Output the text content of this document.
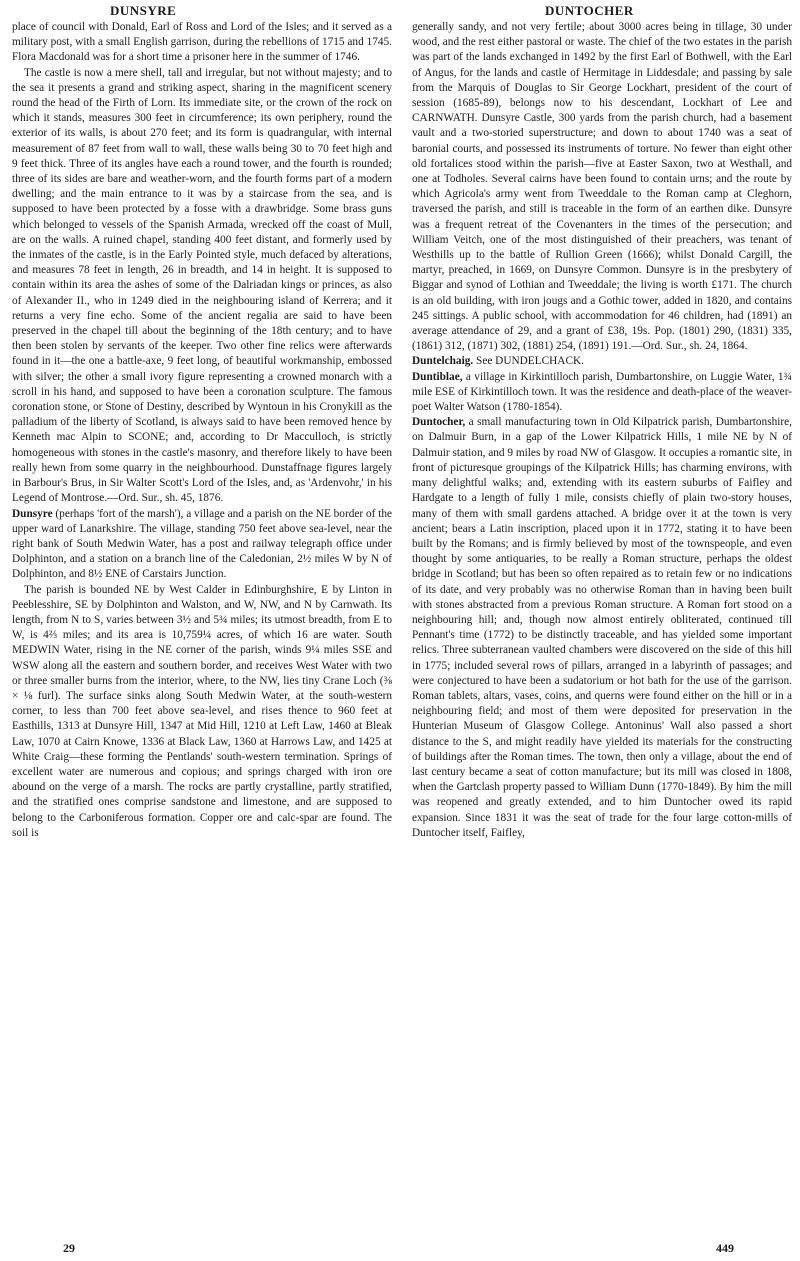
DUNSYRE	DUNTOCHER

place of council with Donald, Earl of Ross and Lord of the Isles; and it served as a military post, with a small English garrison, during the rebellions of 1715 and 1745. Flora Macdonald was for a short time a prisoner here in the summer of 1746.

The castle is now a mere shell, tall and irregular, but not without majesty; and to the sea it presents a grand and striking aspect, sharing in the magnificent scenery round the head of the Firth of Lorn. Its immediate site, or the crown of the rock on which it stands, measures 300 feet in circumference; its own periphery, round the exterior of its walls, is about 270 feet; and its form is quadrangular, with internal measurement of 87 feet from wall to wall, these walls being 30 to 70 feet high and 9 feet thick. Three of its angles have each a round tower, and the fourth is rounded; three of its sides are bare and weather-worn, and the fourth forms part of a modern dwelling; and the main entrance to it was by a staircase from the sea, and is supposed to have been protected by a fosse with a drawbridge. Some brass guns which belonged to vessels of the Spanish Armada, wrecked off the coast of Mull, are on the walls. A ruined chapel, standing 400 feet distant, and formerly used by the inmates of the castle, is in the Early Pointed style, much defaced by alterations, and measures 78 feet in length, 26 in breadth, and 14 in height. It is supposed to contain within its area the ashes of some of the Dalriadan kings or princes, as also of Alexander II., who in 1249 died in the neighbouring island of Kerrera; and it returns a very fine echo. Some of the ancient regalia are said to have been preserved in the chapel till about the beginning of the 18th century; and to have then been stolen by servants of the keeper. Two other fine relics were afterwards found in it—the one a battle-axe, 9 feet long, of beautiful workmanship, embossed with silver; the other a small ivory figure representing a crowned monarch with a scroll in his hand, and supposed to have been a coronation sculpture. The famous coronation stone, or Stone of Destiny, described by Wyntoun in his Cronykill as the palladium of the liberty of Scotland, is always said to have been removed hence by Kenneth mac Alpin to SCONE; and, according to Dr Macculloch, is strictly homogeneous with stones in the castle's masonry, and therefore likely to have been really hewn from some quarry in the neighbourhood. Dunstaffnage figures largely in Barbour's Brus, in Sir Walter Scott's Lord of the Isles, and, as 'Ardenvohr,' in his Legend of Montrose.—Ord. Sur., sh. 45, 1876.

Dunsyre (perhaps 'fort of the marsh'), a village and a parish on the NE border of the upper ward of Lanarkshire. The village, standing 750 feet above sea-level, near the right bank of South Medwin Water, has a post and railway telegraph office under Dolphinton, and a station on a branch line of the Caledonian, 2½ miles W by N of Dolphinton, and 8½ ENE of Carstairs Junction.

The parish is bounded NE by West Calder in Edinburghshire, E by Linton in Peeblesshire, SE by Dolphinton and Walston, and W, NW, and N by Carnwath. Its length, from N to S, varies between 3½ and 5¾ miles; its utmost breadth, from E to W, is 4⅔ miles; and its area is 10,759¼ acres, of which 16 are water. South MEDWIN Water, rising in the NE corner of the parish, winds 9¼ miles SSE and WSW along all the eastern and southern border, and receives West Water with two or three smaller burns from the interior, where, to the NW, lies tiny Crane Loch (⅜ × ⅛ furl). The surface sinks along South Medwin Water, at the south-western corner, to less than 700 feet above sea-level, and rises thence to 960 feet at Easthills, 1313 at Dunsyre Hill, 1347 at Mid Hill, 1210 at Left Law, 1460 at Bleak Law, 1070 at Cairn Knowe, 1336 at Black Law, 1360 at Harrows Law, and 1425 at White Craig—these forming the Pentlands' south-western termination. Springs of excellent water are numerous and copious; and springs charged with iron ore abound on the verge of a marsh. The rocks are partly crystalline, partly stratified, and the stratified ones comprise sandstone and limestone, and are supposed to belong to the Carboniferous formation. Copper ore and calc-spar are found. The soil is

generally sandy, and not very fertile; about 3000 acres being in tillage, 30 under wood, and the rest either pastoral or waste. The chief of the two estates in the parish was part of the lands exchanged in 1492 by the first Earl of Bothwell, with the Earl of Angus, for the lands and castle of Hermitage in Liddesdale; and passing by sale from the Marquis of Douglas to Sir George Lockhart, president of the court of session (1685-89), belongs now to his descendant, Lockhart of Lee and CARNWATH. Dunsyre Castle, 300 yards from the parish church, had a basement vault and a two-storied superstructure; and down to about 1740 was a seat of baronial courts, and possessed its instruments of torture. No fewer than eight other old fortalices stood within the parish—five at Easter Saxon, two at Westhall, and one at Todholes. Several cairns have been found to contain urns; and the route by which Agricola's army went from Tweeddale to the Roman camp at Cleghorn, traversed the parish, and still is traceable in the form of an earthen dike. Dunsyre was a frequent retreat of the Covenanters in the times of the persecution; and William Veitch, one of the most distinguished of their preachers, was tenant of Westhills up to the battle of Rullion Green (1666); whilst Donald Cargill, the martyr, preached, in 1669, on Dunsyre Common. Dunsyre is in the presbytery of Biggar and synod of Lothian and Tweeddale; the living is worth £171. The church is an old building, with iron jougs and a Gothic tower, added in 1820, and contains 245 sittings. A public school, with accommodation for 46 children, had (1891) an average attendance of 29, and a grant of £38, 19s. Pop. (1801) 290, (1831) 335, (1861) 312, (1871) 302, (1881) 254, (1891) 191.—Ord. Sur., sh. 24, 1864.

Duntelchaig. See DUNDELCHACK.

Duntiblae, a village in Kirkintilloch parish, Dumbartonshire, on Luggie Water, 1¾ mile ESE of Kirkintilloch town. It was the residence and death-place of the weaver-poet Walter Watson (1780-1854).

Duntocher, a small manufacturing town in Old Kilpatrick parish, Dumbartonshire, on Dalmuir Burn, in a gap of the Lower Kilpatrick Hills, 1 mile NE by N of Dalmuir station, and 9 miles by road NW of Glasgow. It occupies a romantic site, in front of picturesque groupings of the Kilpatrick Hills; has charming environs, with many delightful walks; and, extending with its eastern suburbs of Faifley and Hardgate to a length of fully 1 mile, consists chiefly of plain two-story houses, many of them with small gardens attached. A bridge over it at the town is very ancient; bears a Latin inscription, placed upon it in 1772, stating it to have been built by the Romans; and is firmly believed by most of the townspeople, and even thought by some antiquaries, to be really a Roman structure, perhaps the oldest bridge in Scotland; but has been so often repaired as to retain few or no indications of its date, and very probably was no otherwise Roman than in having been built with stones abstracted from a previous Roman structure. A Roman fort stood on a neighbouring hill; and, though now almost entirely obliterated, continued till Pennant's time (1772) to be distinctly traceable, and has yielded some important relics. Three subterranean vaulted chambers were discovered on the side of this hill in 1775; included several rows of pillars, arranged in a labyrinth of passages; and were conjectured to have been a sudatorium or hot bath for the use of the garrison. Roman tablets, altars, vases, coins, and querns were found either on the hill or in a neighbouring field; and most of them were deposited for preservation in the Hunterian Museum of Glasgow College. Antoninus' Wall also passed a short distance to the S, and might readily have yielded its materials for the constructing of buildings after the Roman times. The town, then only a village, about the end of last century became a seat of cotton manufacture; but its mill was closed in 1808, when the Gartclash property passed to William Dunn (1770-1849). By him the mill was reopened and greatly extended, and to him Duntocher owed its rapid expansion. Since 1831 it was the seat of trade for the four large cotton-mills of Duntocher itself, Faifley,

29	449
